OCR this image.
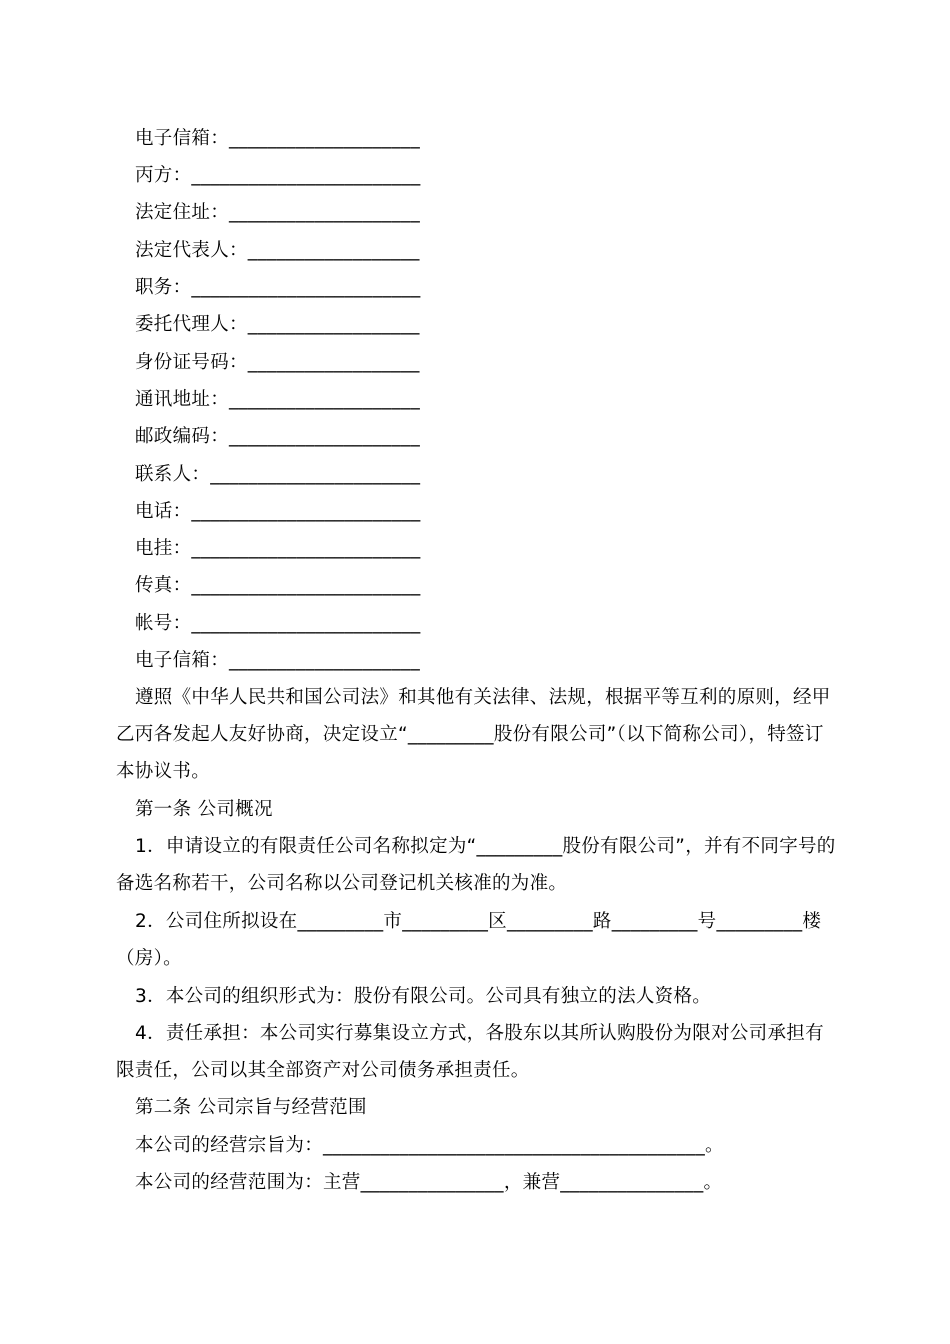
电子信箱：____________________
丙方：________________________
法定住址：____________________
法定代表人：__________________
职务：________________________
委托代理人：__________________
身份证号码：__________________
通讯地址：____________________
邮政编码：____________________
联系人：______________________
电话：________________________
电挂：________________________
传真：________________________
帐号：________________________
电子信箱：____________________
遵照《中华人民共和国公司法》和其他有关法律、法规，根据平等互利的原则，经甲乙丙各发起人友好协商，决定设立“_________股份有限公司”（以下简称公司），特签订本协议书。
第一条 公司概况
1．申请设立的有限责任公司名称拟定为“_________股份有限公司”，并有不同字号的备选名称若干，公司名称以公司登记机关核准的为准。
2．公司住所拟设在_________市_________区_________路_________号_________楼（房）。
3．本公司的组织形式为：股份有限公司。公司具有独立的法人资格。
4．责任承担：本公司实行募集设立方式，各股东以其所认购股份为限对公司承担有限责任，公司以其全部资产对公司债务承担责任。
第二条 公司宗旨与经营范围
本公司的经营宗旨为：________________________________________。
本公司的经营范围为：主营_______________，兼营_______________。
